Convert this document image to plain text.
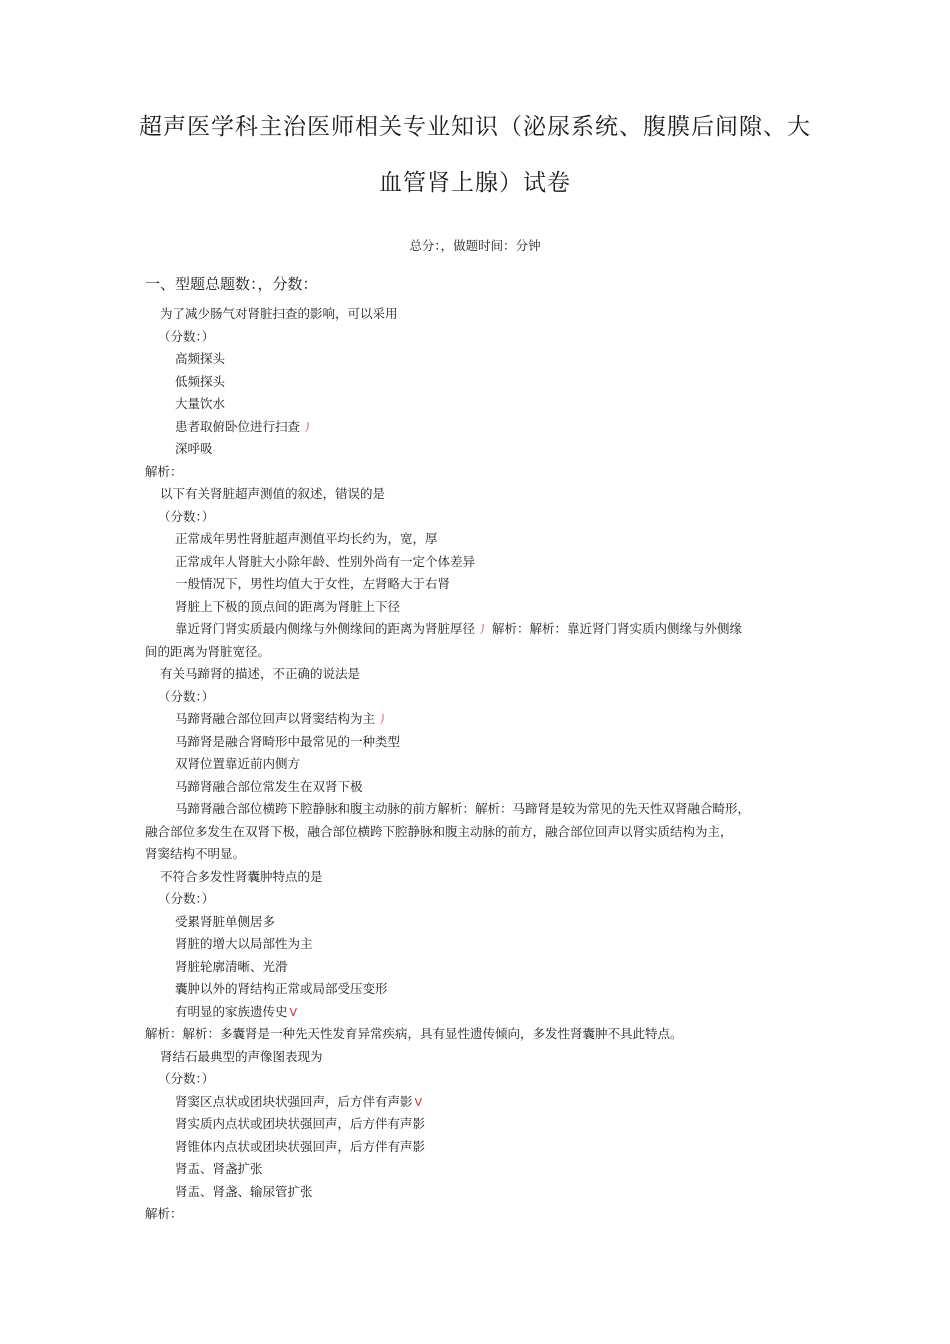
超声医学科主治医师相关专业知识（泌尿系统、腹膜后间隙、大
血管肾上腺）试卷
总分：，做题时间：分钟
一、型题总题数：，分数：
为了减少肠气对肾脏扫查的影响，可以采用
（分数：）
高频探头
低频探头
大量饮水
患者取俯卧位进行扫查 丿
深呼吸
解析：
以下有关肾脏超声测值的叙述，错误的是
（分数：）
正常成年男性肾脏超声测值平均长约为，宽，厚
正常成年人肾脏大小除年龄、性别外尚有一定个体差异
一般情况下，男性均值大于女性，左肾略大于右肾
肾脏上下极的顶点间的距离为肾脏上下径
靠近肾门肾实质最内侧缘与外侧缘间的距离为肾脏厚径 丿 解析：解析：靠近肾门肾实质内侧缘与外侧缘
间的距离为肾脏宽径。
有关马蹄肾的描述，不正确的说法是
（分数：）
马蹄肾融合部位回声以肾窦结构为主 丿
马蹄肾是融合肾畸形中最常见的一种类型
双肾位置靠近前内侧方
马蹄肾融合部位常发生在双肾下极
马蹄肾融合部位横跨下腔静脉和腹主动脉的前方解析：解析：马蹄肾是较为常见的先天性双肾融合畸形，
融合部位多发生在双肾下极，融合部位横跨下腔静脉和腹主动脉的前方，融合部位回声以肾实质结构为主，
肾窦结构不明显。
不符合多发性肾囊肿特点的是
（分数：）
受累肾脏单侧居多
肾脏的增大以局部性为主
肾脏轮廓清晰、光滑
囊肿以外的肾结构正常或局部受压变形
有明显的家族遗传史 V
解析：解析：多囊肾是一种先天性发育异常疾病，具有显性遗传倾向，多发性肾囊肿不具此特点。
肾结石最典型的声像图表现为
（分数：）
肾窦区点状或团块状强回声，后方伴有声影 V
肾实质内点状或团块状强回声，后方伴有声影
肾锥体内点状或团块状强回声，后方伴有声影
肾盂、肾盏扩张
肾盂、肾盏、输尿管扩张
解析：
